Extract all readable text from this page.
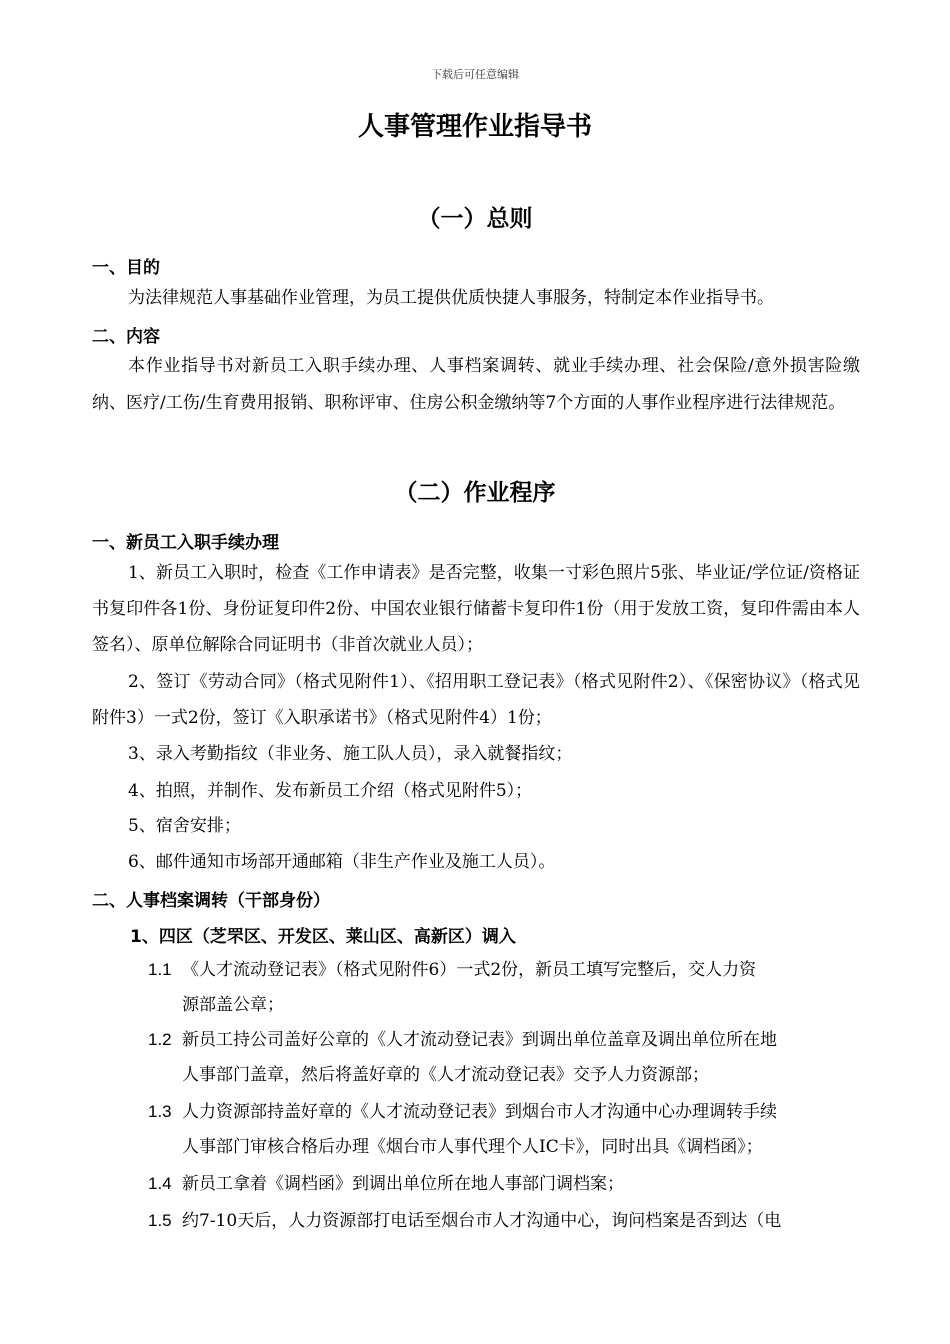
下载后可任意编辑
人事管理作业指导书
（一）总则
一、目的
为法律规范人事基础作业管理，为员工提供优质快捷人事服务，特制定本作业指导书。
二、内容
本作业指导书对新员工入职手续办理、人事档案调转、就业手续办理、社会保险/意外损害险缴纳、医疗/工伤/生育费用报销、职称评审、住房公积金缴纳等7个方面的人事作业程序进行法律规范。
（二）作业程序
一、新员工入职手续办理
1、新员工入职时，检查《工作申请表》是否完整，收集一寸彩色照片5张、毕业证/学位证/资格证书复印件各1份、身份证复印件2份、中国农业银行储蓄卡复印件1份（用于发放工资，复印件需由本人签名）、原单位解除合同证明书（非首次就业人员）；
2、签订《劳动合同》（格式见附件1）、《招用职工登记表》（格式见附件2）、《保密协议》（格式见附件3）一式2份，签订《入职承诺书》（格式见附件4）1份；
3、录入考勤指纹（非业务、施工队人员），录入就餐指纹；
4、拍照，并制作、发布新员工介绍（格式见附件5）；
5、宿舍安排；
6、邮件通知市场部开通邮箱（非生产作业及施工人员）。
二、人事档案调转（干部身份）
1、四区（芝罘区、开发区、莱山区、高新区）调入
1.1 《人才流动登记表》（格式见附件6）一式2份，新员工填写完整后，交人力资
源部盖公章；
1.2 新员工持公司盖好公章的《人才流动登记表》到调出单位盖章及调出单位所在地
人事部门盖章，然后将盖好章的《人才流动登记表》交予人力资源部；
1.3 人力资源部持盖好章的《人才流动登记表》到烟台市人才沟通中心办理调转手续
人事部门审核合格后办理《烟台市人事代理个人IC卡》，同时出具《调档函》；
1.4 新员工拿着《调档函》到调出单位所在地人事部门调档案；
1.5 约7-10天后，人力资源部打电话至烟台市人才沟通中心，询问档案是否到达（电
